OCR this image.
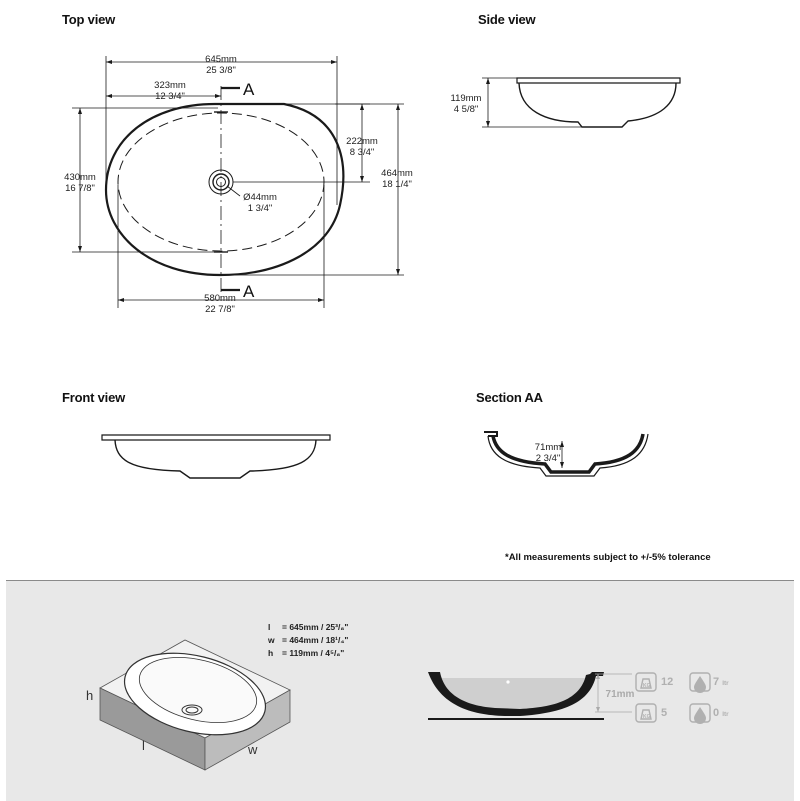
Top view	Side view
Front view	Section AA
A
A
645mm
25 3/8"
323mm
12 3/4"
430mm
16 7/8"
222mm
8 3/4"
464mm
18 1/4"
Ø44mm
1 3/4"
580mm
22 7/8"
119mm
4 5/8"
71mm
2 3/4"
*All measurements subject to +/-5% tolerance
l = 645mm / 25³/₈"
w = 464mm / 18¹/₄"
h = 119mm / 4⁵/₈"
h
l	w
71mm
12
5
7 ltr
0 ltr
KG
KG
